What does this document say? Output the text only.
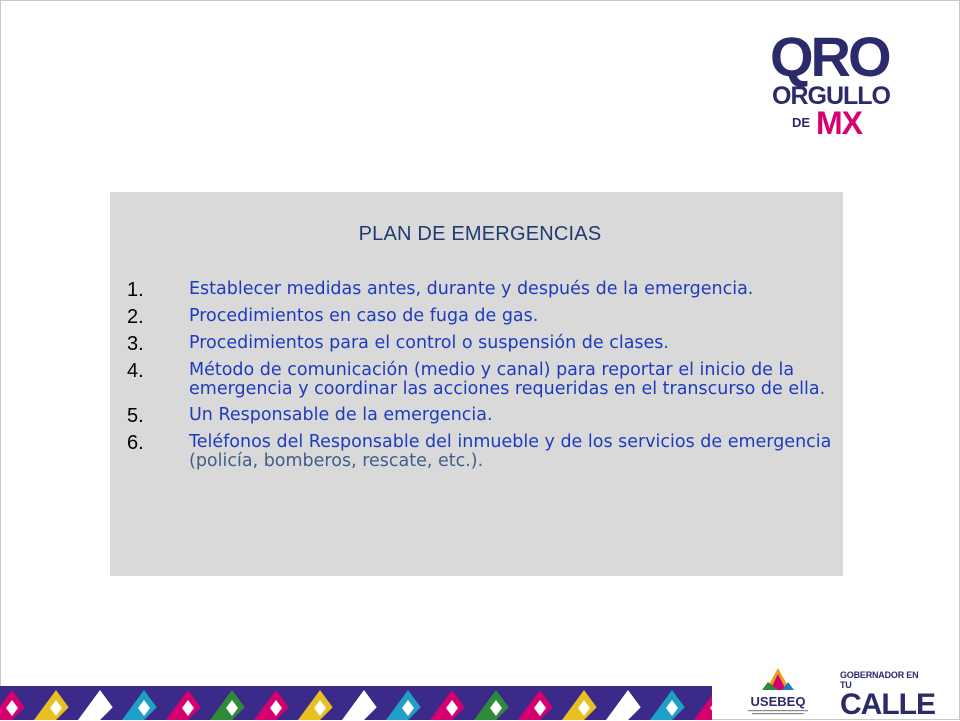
QRO
ORGULLO
DE MX
PLAN DE EMERGENCIAS
1.	Establecer medidas antes, durante y después de la emergencia.
2.	Procedimientos en caso de fuga de gas.
3.	Procedimientos para el control o suspensión de clases.
4.	Método de comunicación (medio y canal) para reportar el inicio de la emergencia y coordinar las acciones requeridas en el transcurso de ella.
5.	Un Responsable de la emergencia.
6.	Teléfonos del Responsable del inmueble y de los servicios de emergencia (policía, bomberos, rescate, etc.).
USEBEQ
GOBERNADOR EN TU
CALLE
